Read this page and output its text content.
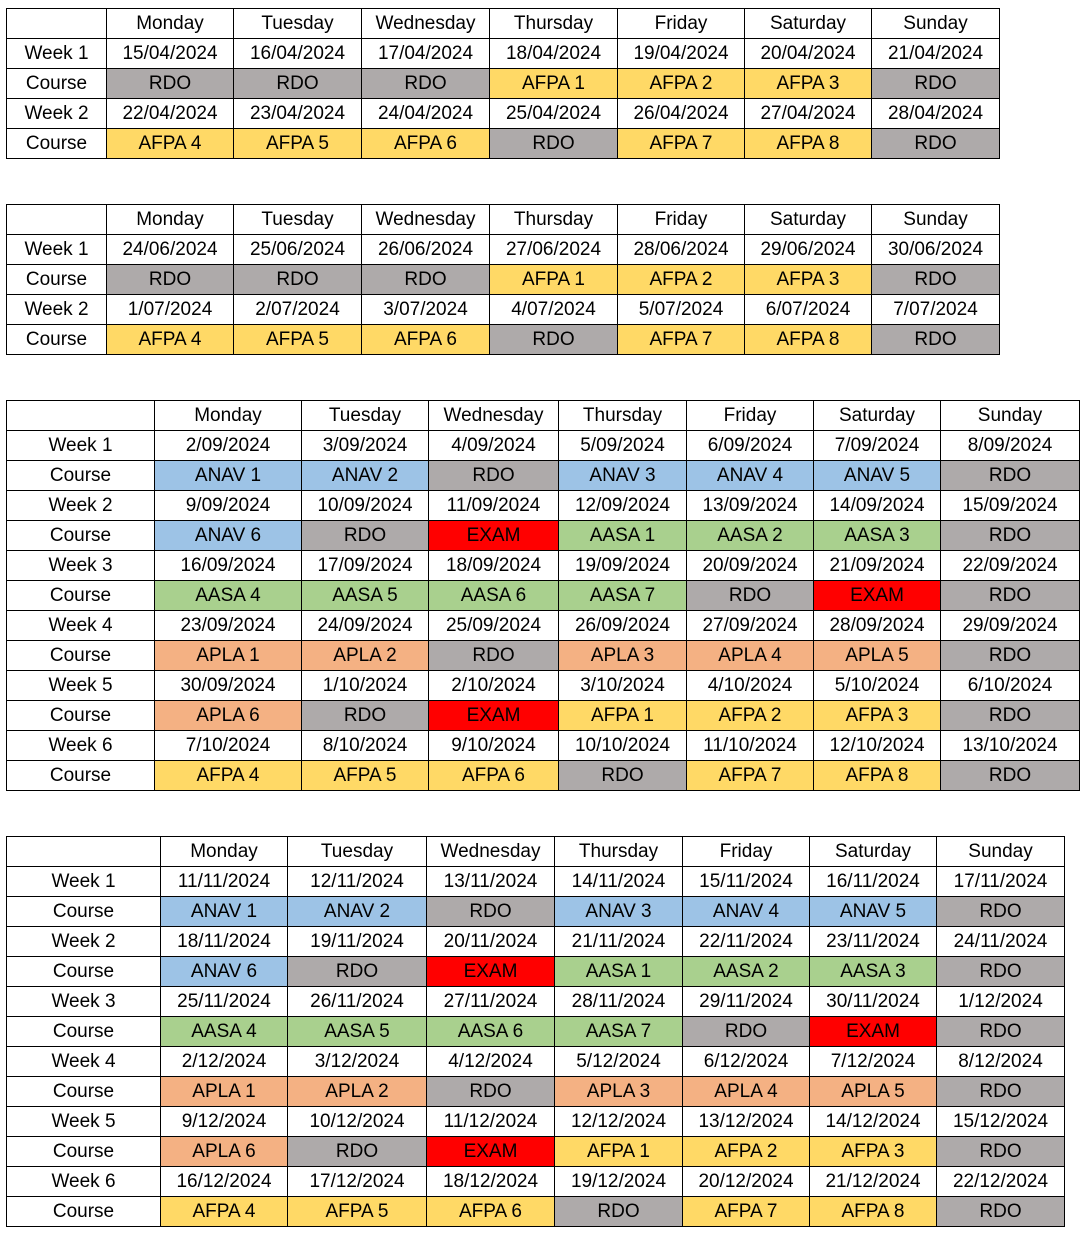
	Monday	Tuesday	Wednesday	Thursday	Friday	Saturday	Sunday
Week 1	15/04/2024	16/04/2024	17/04/2024	18/04/2024	19/04/2024	20/04/2024	21/04/2024
Course	RDO	RDO	RDO	AFPA 1	AFPA 2	AFPA 3	RDO
Week 2	22/04/2024	23/04/2024	24/04/2024	25/04/2024	26/04/2024	27/04/2024	28/04/2024
Course	AFPA 4	AFPA 5	AFPA 6	RDO	AFPA 7	AFPA 8	RDO
	Monday	Tuesday	Wednesday	Thursday	Friday	Saturday	Sunday
Week 1	24/06/2024	25/06/2024	26/06/2024	27/06/2024	28/06/2024	29/06/2024	30/06/2024
Course	RDO	RDO	RDO	AFPA 1	AFPA 2	AFPA 3	RDO
Week 2	1/07/2024	2/07/2024	3/07/2024	4/07/2024	5/07/2024	6/07/2024	7/07/2024
Course	AFPA 4	AFPA 5	AFPA 6	RDO	AFPA 7	AFPA 8	RDO
	Monday	Tuesday	Wednesday	Thursday	Friday	Saturday	Sunday
Week 1	2/09/2024	3/09/2024	4/09/2024	5/09/2024	6/09/2024	7/09/2024	8/09/2024
Course	ANAV 1	ANAV 2	RDO	ANAV 3	ANAV 4	ANAV 5	RDO
Week 2	9/09/2024	10/09/2024	11/09/2024	12/09/2024	13/09/2024	14/09/2024	15/09/2024
Course	ANAV 6	RDO	EXAM	AASA 1	AASA 2	AASA 3	RDO
Week 3	16/09/2024	17/09/2024	18/09/2024	19/09/2024	20/09/2024	21/09/2024	22/09/2024
Course	AASA 4	AASA 5	AASA 6	AASA 7	RDO	EXAM	RDO
Week 4	23/09/2024	24/09/2024	25/09/2024	26/09/2024	27/09/2024	28/09/2024	29/09/2024
Course	APLA 1	APLA 2	RDO	APLA 3	APLA 4	APLA 5	RDO
Week 5	30/09/2024	1/10/2024	2/10/2024	3/10/2024	4/10/2024	5/10/2024	6/10/2024
Course	APLA 6	RDO	EXAM	AFPA 1	AFPA 2	AFPA 3	RDO
Week 6	7/10/2024	8/10/2024	9/10/2024	10/10/2024	11/10/2024	12/10/2024	13/10/2024
Course	AFPA 4	AFPA 5	AFPA 6	RDO	AFPA 7	AFPA 8	RDO
	Monday	Tuesday	Wednesday	Thursday	Friday	Saturday	Sunday
Week 1	11/11/2024	12/11/2024	13/11/2024	14/11/2024	15/11/2024	16/11/2024	17/11/2024
Course	ANAV 1	ANAV 2	RDO	ANAV 3	ANAV 4	ANAV 5	RDO
Week 2	18/11/2024	19/11/2024	20/11/2024	21/11/2024	22/11/2024	23/11/2024	24/11/2024
Course	ANAV 6	RDO	EXAM	AASA 1	AASA 2	AASA 3	RDO
Week 3	25/11/2024	26/11/2024	27/11/2024	28/11/2024	29/11/2024	30/11/2024	1/12/2024
Course	AASA 4	AASA 5	AASA 6	AASA 7	RDO	EXAM	RDO
Week 4	2/12/2024	3/12/2024	4/12/2024	5/12/2024	6/12/2024	7/12/2024	8/12/2024
Course	APLA 1	APLA 2	RDO	APLA 3	APLA 4	APLA 5	RDO
Week 5	9/12/2024	10/12/2024	11/12/2024	12/12/2024	13/12/2024	14/12/2024	15/12/2024
Course	APLA 6	RDO	EXAM	AFPA 1	AFPA 2	AFPA 3	RDO
Week 6	16/12/2024	17/12/2024	18/12/2024	19/12/2024	20/12/2024	21/12/2024	22/12/2024
Course	AFPA 4	AFPA 5	AFPA 6	RDO	AFPA 7	AFPA 8	RDO
